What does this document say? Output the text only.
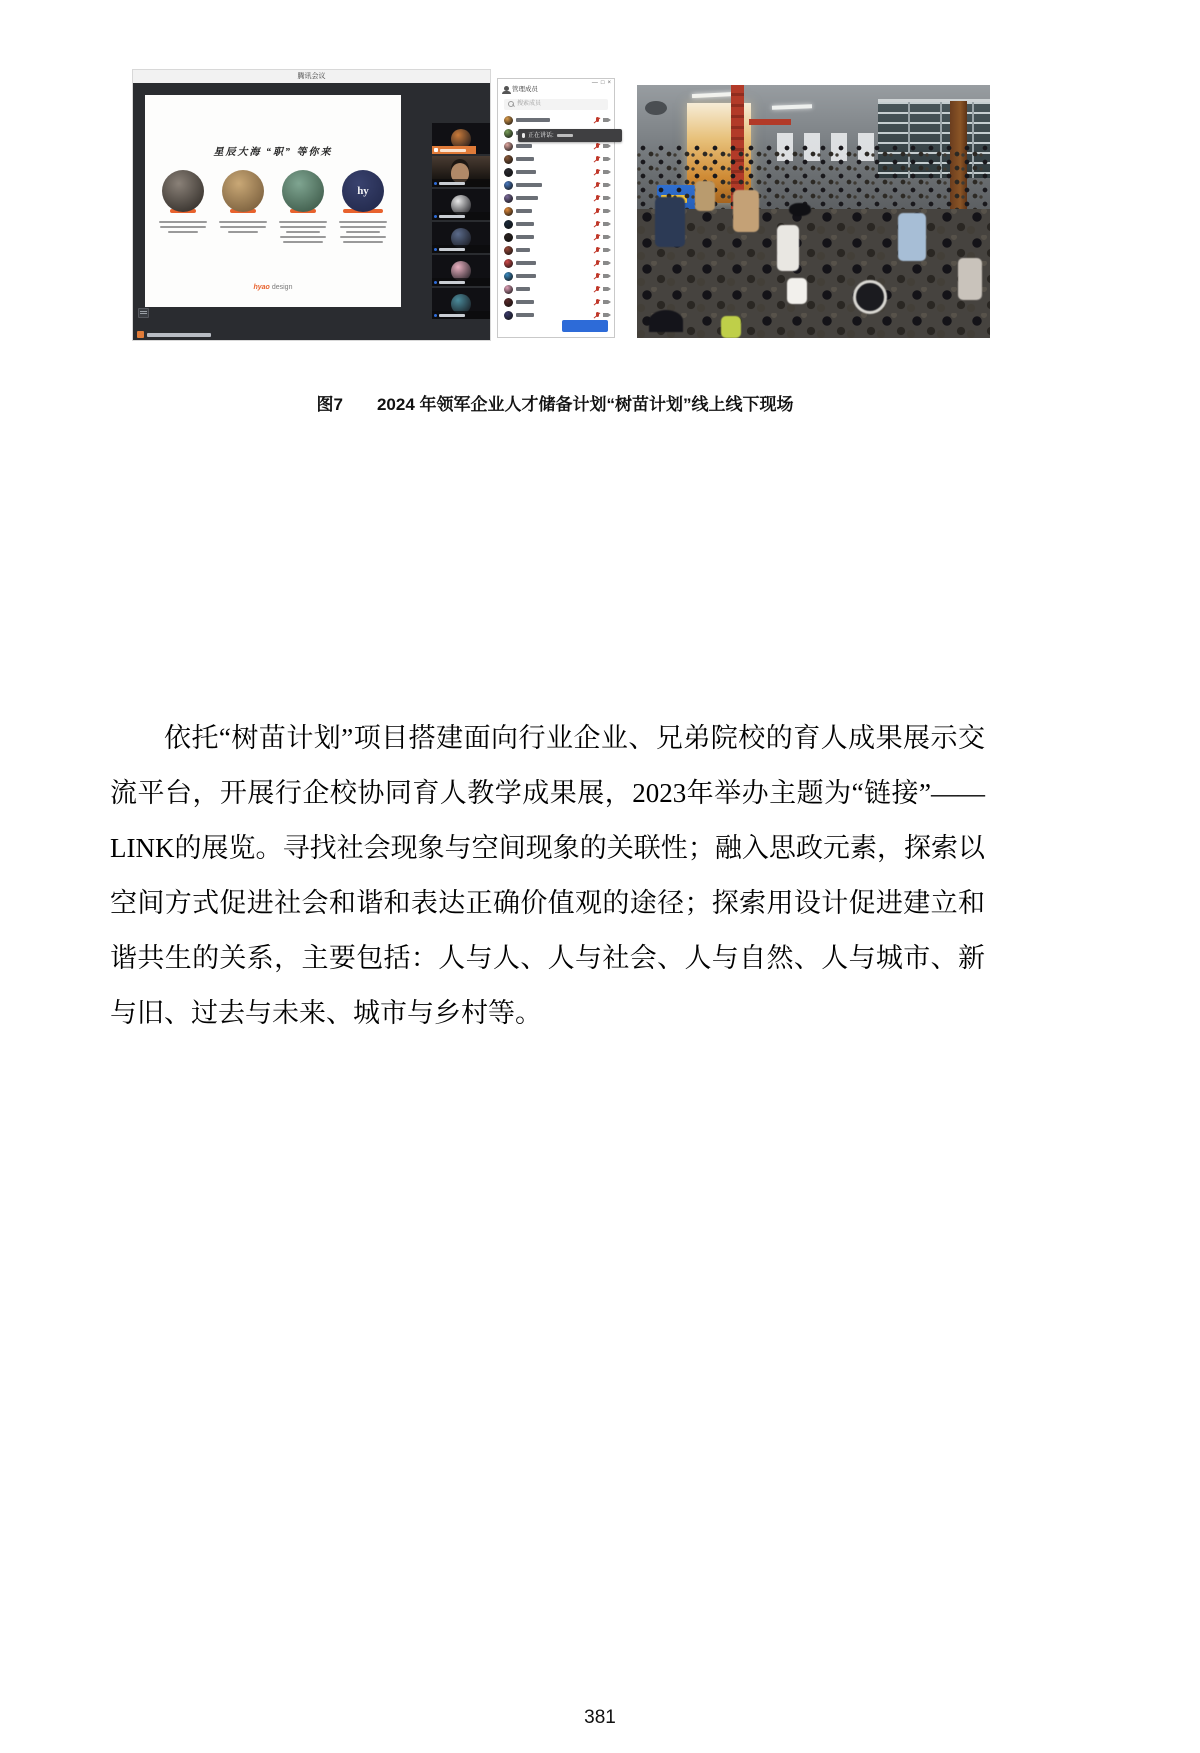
腾讯会议
星辰大海 “职” 等你来
hy
hyao design
— □ ×
管理成员
搜索成员
正在讲话:
图7　　2024 年领军企业人才储备计划“树苗计划”线上线下现场
依托“树苗计划”项目搭建面向行业企业、兄弟院校的育人成果展示交流平台，开展行企校协同育人教学成果展，2023年举办主题为“链接”——LINK的展览。寻找社会现象与空间现象的关联性；融入思政元素，探索以空间方式促进社会和谐和表达正确价值观的途径；探索用设计促进建立和谐共生的关系，主要包括：人与人、人与社会、人与自然、人与城市、新与旧、过去与未来、城市与乡村等。
381
